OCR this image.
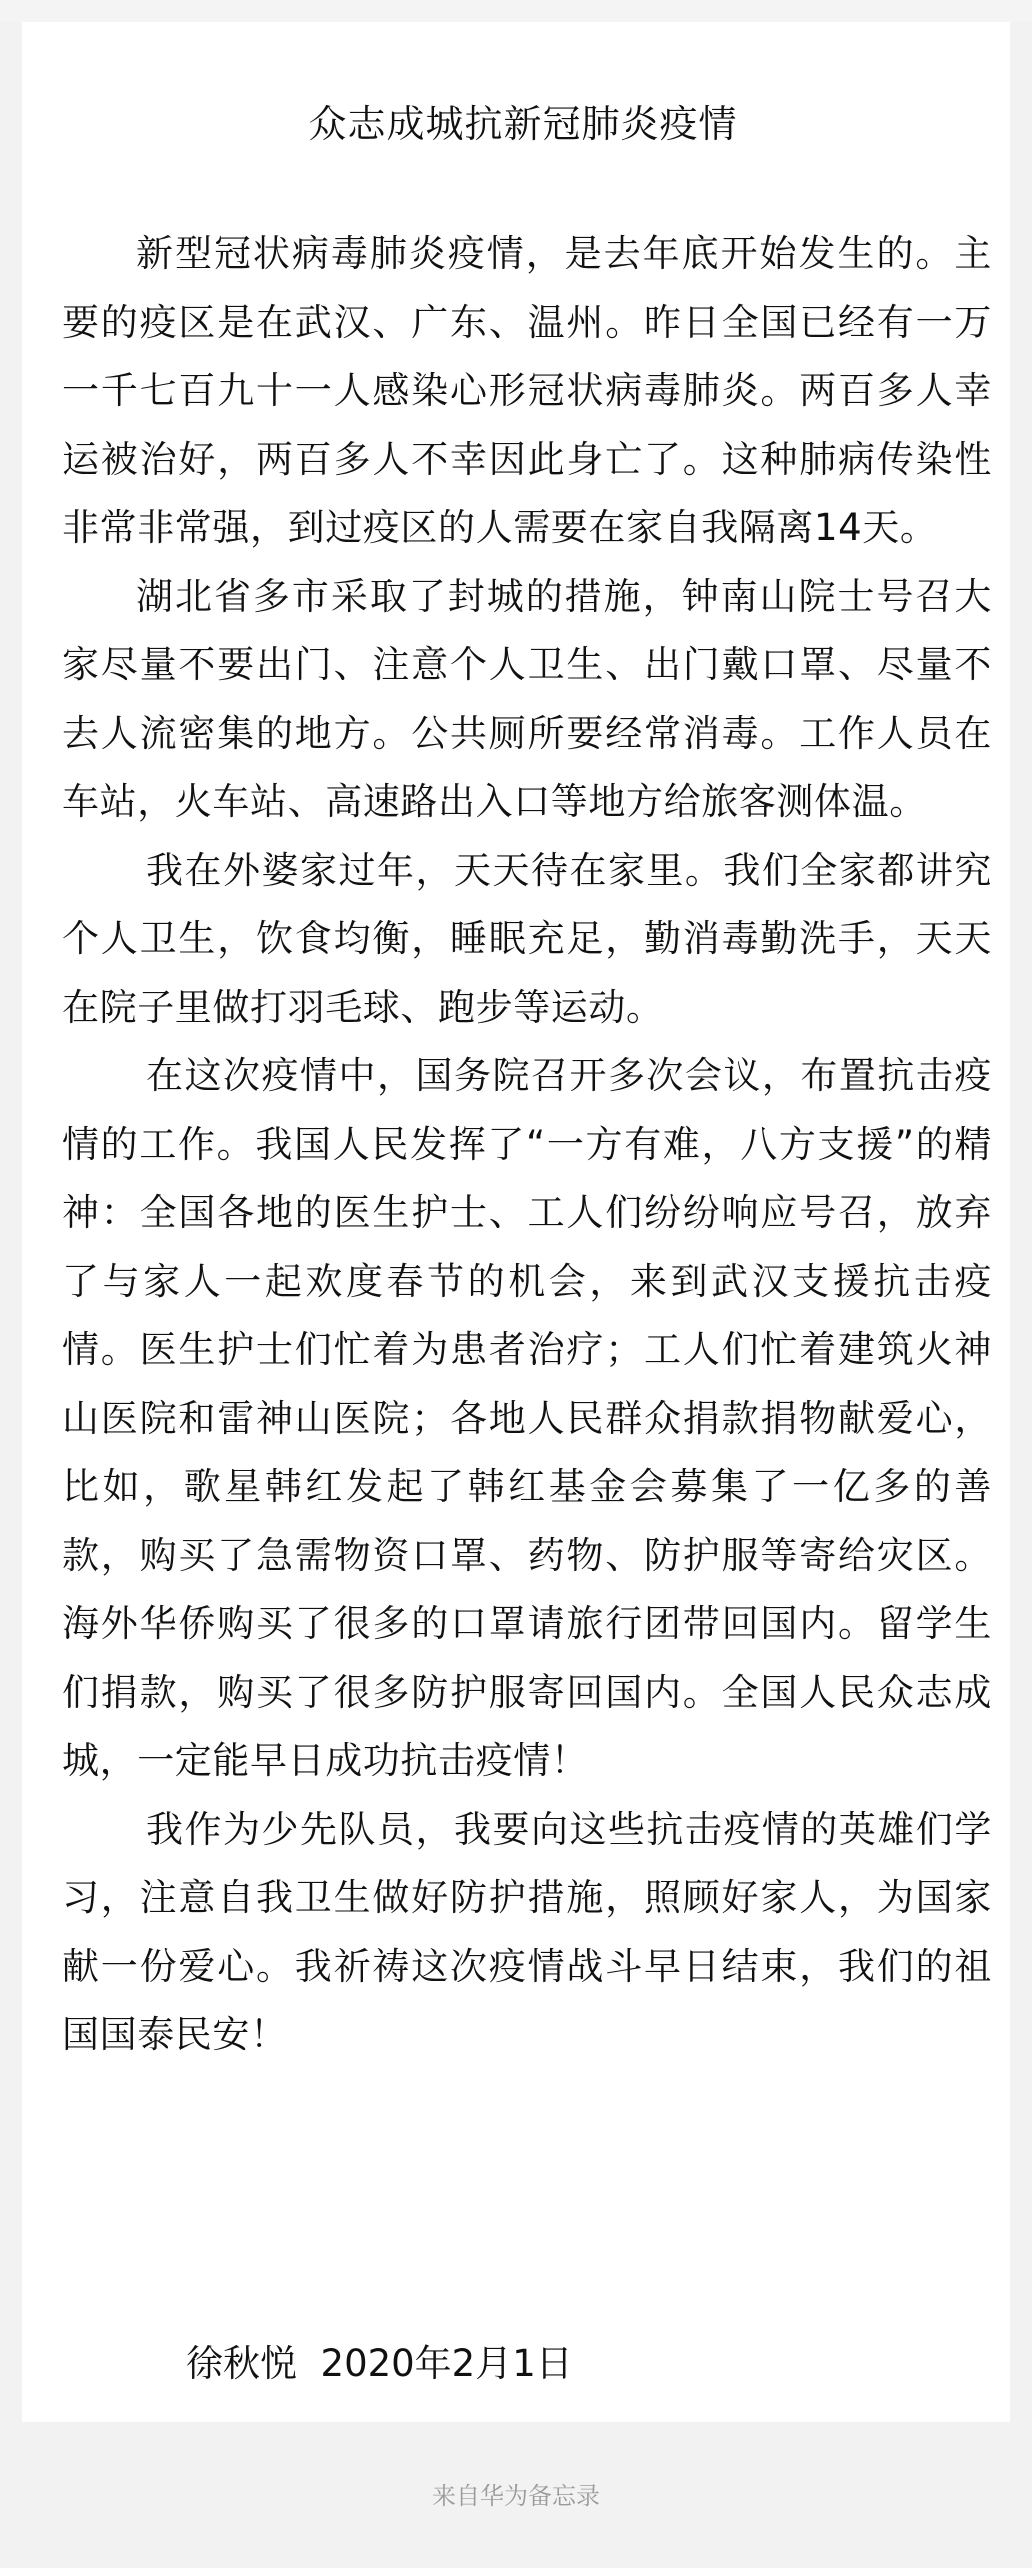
众志成城抗新冠肺炎疫情

新型冠状病毒肺炎疫情，是去年底开始发生的。主要的疫区是在武汉、广东、温州。昨日全国已经有一万一千七百九十一人感染心形冠状病毒肺炎。两百多人幸运被治好，两百多人不幸因此身亡了。这种肺病传染性非常非常强，到过疫区的人需要在家自我隔离14天。

湖北省多市采取了封城的措施，钟南山院士号召大家尽量不要出门、注意个人卫生、出门戴口罩、尽量不去人流密集的地方。公共厕所要经常消毒。工作人员在车站，火车站、高速路出入口等地方给旅客测体温。

我在外婆家过年，天天待在家里。我们全家都讲究个人卫生，饮食均衡，睡眠充足，勤消毒勤洗手，天天在院子里做打羽毛球、跑步等运动。

在这次疫情中，国务院召开多次会议，布置抗击疫情的工作。我国人民发挥了“一方有难，八方支援”的精神：全国各地的医生护士、工人们纷纷响应号召，放弃了与家人一起欢度春节的机会，来到武汉支援抗击疫情。医生护士们忙着为患者治疗；工人们忙着建筑火神山医院和雷神山医院；各地人民群众捐款捐物献爱心，比如，歌星韩红发起了韩红基金会募集了一亿多的善款，购买了急需物资口罩、药物、防护服等寄给灾区。海外华侨购买了很多的口罩请旅行团带回国内。留学生们捐款，购买了很多防护服寄回国内。全国人民众志成城，一定能早日成功抗击疫情！

我作为少先队员，我要向这些抗击疫情的英雄们学习，注意自我卫生做好防护措施，照顾好家人，为国家献一份爱心。我祈祷这次疫情战斗早日结束，我们的祖国国泰民安！

徐秋悦  2020年2月1日
来自华为备忘录
